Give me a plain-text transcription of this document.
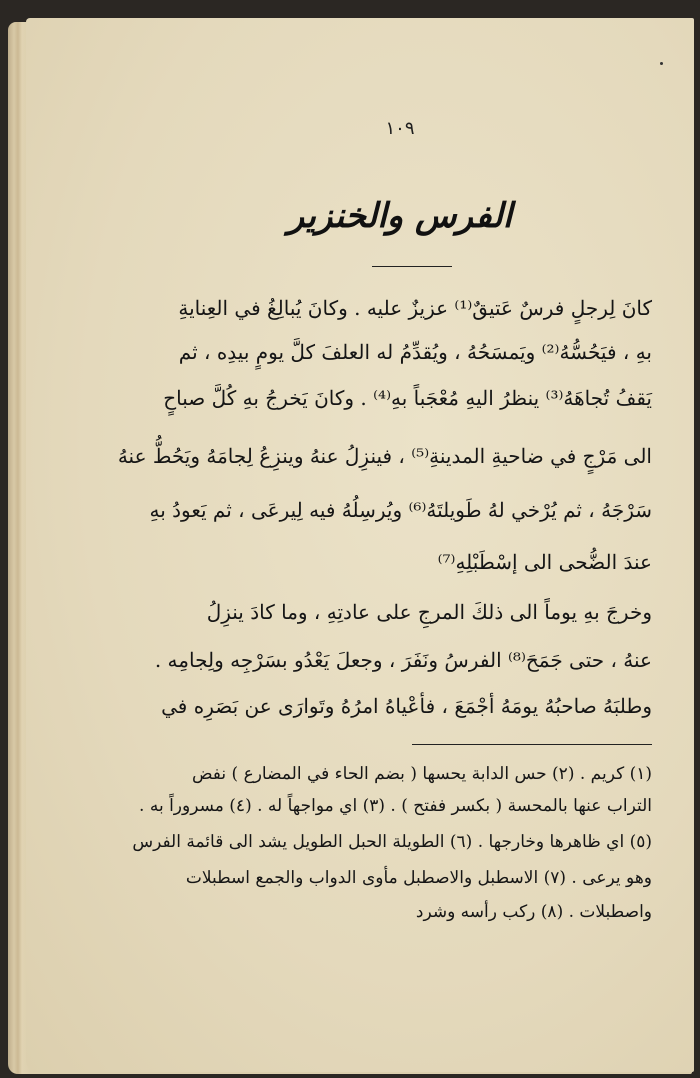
١٠٩
الفرس والخنزير
كانَ لِرجلٍ فرسٌ عَتيقٌ⁽¹⁾ عزيزٌ عليه . وكانَ يُبالِغُ في العِنايةِ
بهِ ، فيَحُسُّهُ⁽²⁾ ويَمسَحُهُ ، ويُقدِّمُ له العلفَ كلَّ يومٍ بيدِه ، ثم
يَقفُ تُجاهَهُ⁽³⁾ ينظرُ اليهِ مُعْجَباً بهِ⁽⁴⁾ . وكانَ يَخرجُ بهِ كُلَّ صباحٍ
الى مَرْجٍ في ضاحيةِ المدينةِ⁽⁵⁾ ، فينزِلُ عنهُ وينزِعُ لِجامَهُ ويَحُطُّ عنهُ
سَرْجَهُ ، ثم يُرْخي لهُ طَويلتَهُ⁽⁶⁾ ويُرسِلُهُ فيه لِيرعَى ، ثم يَعودُ بهِ
عندَ الضُّحى الى إسْطَبْلِهِ⁽⁷⁾
وخرجَ بهِ يوماً الى ذلكَ المرجِ على عادتِهِ ، وما كادَ ينزِلُ
عنهُ ، حتى جَمَحَ⁽⁸⁾ الفرسُ ونَفَرَ ، وجعلَ يَعْدُو بسَرْجِه ولِجامِه .
وطلبَهُ صاحبُهُ يومَهُ أجْمَعَ ، فأعْياهُ امرُهُ وتَوارَى عن بَصَرِه في
(١) كريم . (٢) حس الدابة يحسها ( بضم الحاء في المضارع ) نفض
التراب عنها بالمحسة ( بكسر ففتح ) . (٣) اي مواجهاً له . (٤) مسروراً به .
(٥) اي ظاهرها وخارجها . (٦) الطويلة الحبل الطويل يشد الى قائمة الفرس
وهو يرعى . (٧) الاسطبل والاصطبل مأوى الدواب والجمع اسطبلات
واصطبلات . (٨) ركب رأسه وشرد
